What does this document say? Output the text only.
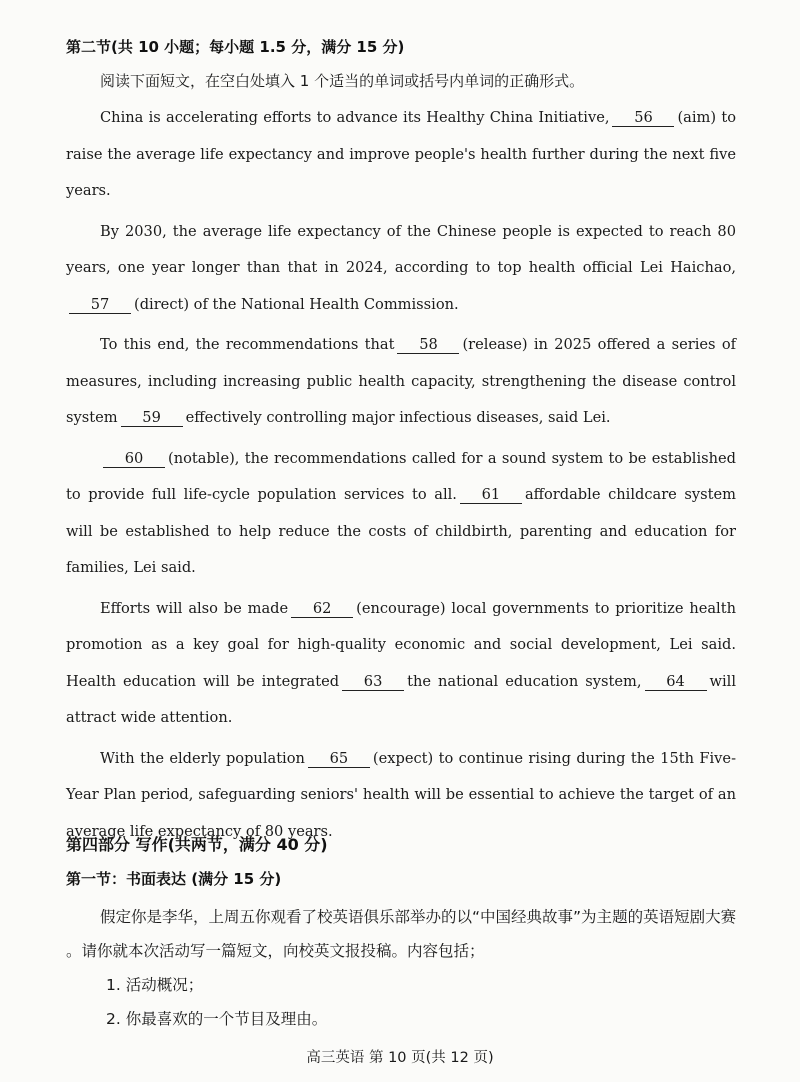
第二节(共 10 小题；每小题 1.5 分，满分 15 分)
阅读下面短文，在空白处填入 1 个适当的单词或括号内单词的正确形式。

China is accelerating efforts to advance its Healthy China Initiative, 56 (aim) to raise the average life expectancy and improve people's health further during the next five years.

By 2030, the average life expectancy of the Chinese people is expected to reach 80 years, one year longer than that in 2024, according to top health official Lei Haichao,57 (direct) of the National Health Commission.

To this end, the recommendations that 58 (release) in 2025 offered a series of measures, including increasing public health capacity, strengthening the disease control system 59 effectively controlling major infectious diseases, said Lei.

60 (notable), the recommendations called for a sound system to be established to provide full life-cycle population services to all. 61 affordable childcare system will be established to help reduce the costs of childbirth, parenting and education for families, Lei said.

Efforts will also be made 62 (encourage) local governments to prioritize health promotion as a key goal for high-quality economic and social development, Lei said. Health education will be integrated 63 the national education system, 64 will attract wide attention.

With the elderly population 65 (expect) to continue rising during the 15th Five-Year Plan period, safeguarding seniors' health will be essential to achieve the target of an average life expectancy of 80 years.

第四部分 写作(共两节，满分 40 分)
第一节：书面表达 (满分 15 分)

假定你是李华，上周五你观看了校英语俱乐部举办的以“中国经典故事”为主题的英语短剧大赛 。请你就本次活动写一篇短文，向校英文报投稿。内容包括；

1. 活动概况；

2. 你最喜欢的一个节目及理由。

高三英语 第 10 页(共 12 页)
